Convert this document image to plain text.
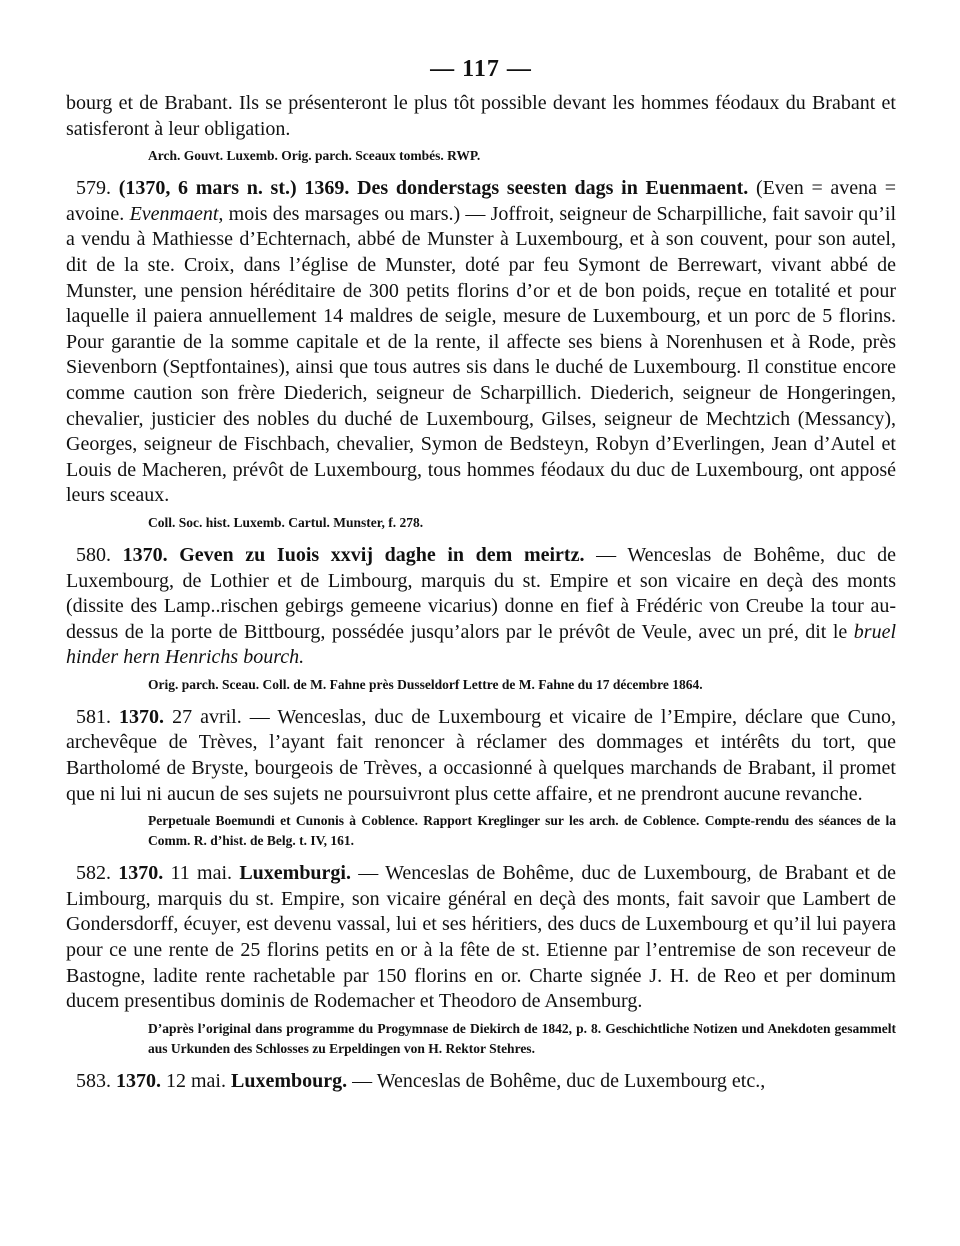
— 117 —

bourg et de Brabant. Ils se présenteront le plus tôt possible devant les hommes féodaux du Brabant et satisferont à leur obligation.

Arch. Gouvt. Luxemb. Orig. parch. Sceaux tombés. RWP.

579. (1370, 6 mars n. st.) 1369. Des donderstags seesten dags in Euenmaent. (Even = avena = avoine. Evenmaent, mois des marsages ou mars.) — Joffroit, seigneur de Scharpilliche, fait savoir qu’il a vendu à Mathiesse d’Echternach, abbé de Munster à Luxembourg, et à son couvent, pour son autel, dit de la ste. Croix, dans l’église de Munster, doté par feu Symont de Berrewart, vivant abbé de Munster, une pension héréditaire de 300 petits florins d’or et de bon poids, reçue en totalité et pour laquelle il paiera annuellement 14 maldres de seigle, mesure de Luxembourg, et un porc de 5 florins. Pour garantie de la somme capitale et de la rente, il affecte ses biens à Norenhusen et à Rode, près Sievenborn (Septfontaines), ainsi que tous autres sis dans le duché de Luxembourg. Il constitue encore comme caution son frère Diederich, seigneur de Scharpillich. Diederich, seigneur de Hongeringen, chevalier, justicier des nobles du duché de Luxembourg, Gilses, seigneur de Mechtzich (Messancy), Georges, seigneur de Fischbach, chevalier, Symon de Bedsteyn, Robyn d’Everlingen, Jean d’Autel et Louis de Macheren, prévôt de Luxembourg, tous hommes féodaux du duc de Luxembourg, ont apposé leurs sceaux.

Coll. Soc. hist. Luxemb. Cartul. Munster, f. 278.

580. 1370. Geven zu Iuois xxvij daghe in dem meirtz. — Wenceslas de Bohême, duc de Luxembourg, de Lothier et de Limbourg, marquis du st. Empire et son vicaire en deçà des monts (dissite des Lamp..rischen gebirgs gemeene vicarius) donne en fief à Frédéric von Creube la tour au-dessus de la porte de Bittbourg, possédée jusqu’alors par le prévôt de Veule, avec un pré, dit le bruel hinder hern Henrichs bourch.

Orig. parch. Sceau. Coll. de M. Fahne près Dusseldorf Lettre de M. Fahne du 17 décembre 1864.

581. 1370. 27 avril. — Wenceslas, duc de Luxembourg et vicaire de l’Empire, déclare que Cuno, archevêque de Trèves, l’ayant fait renoncer à réclamer des dommages et intérêts du tort, que Bartholomé de Bryste, bourgeois de Trèves, a occasionné à quelques marchands de Brabant, il promet que ni lui ni aucun de ses sujets ne poursuivront plus cette affaire, et ne prendront aucune revanche.

Perpetuale Boemundi et Cunonis à Coblence. Rapport Kreglinger sur les arch. de Coblence. Compte-rendu des séances de la Comm. R. d’hist. de Belg. t. IV, 161.

582. 1370. 11 mai. Luxemburgi. — Wenceslas de Bohême, duc de Luxembourg, de Brabant et de Limbourg, marquis du st. Empire, son vicaire général en deçà des monts, fait savoir que Lambert de Gondersdorff, écuyer, est devenu vassal, lui et ses héritiers, des ducs de Luxembourg et qu’il lui payera pour ce une rente de 25 florins petits en or à la fête de st. Etienne par l’entremise de son receveur de Bastogne, ladite rente rachetable par 150 florins en or. Charte signée J. H. de Reo et per dominum ducem presentibus dominis de Rodemacher et Theodoro de Ansemburg.

D’après l’original dans programme du Progymnase de Diekirch de 1842, p. 8. Geschichtliche Notizen und Anekdoten gesammelt aus Urkunden des Schlosses zu Erpeldingen von H. Rektor Stehres.

583. 1370. 12 mai. Luxembourg. — Wenceslas de Bohême, duc de Luxembourg etc.,
